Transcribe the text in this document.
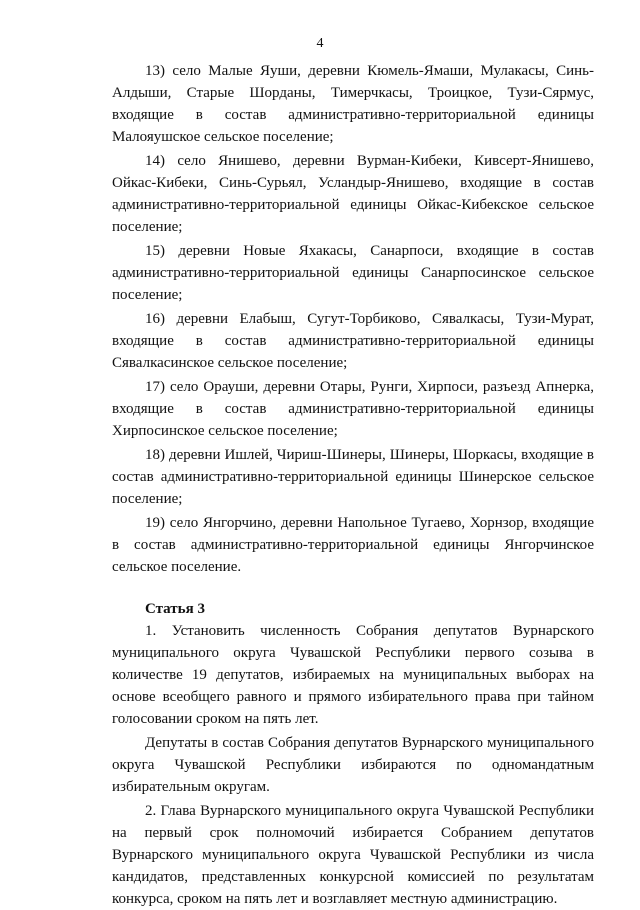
4

13) село Малые Яуши, деревни Кюмель-Ямаши, Мулакасы, Синь-Алдыши, Старые Шорданы, Тимерчкасы, Троицкое, Тузи-Сярмус, входящие в состав административно-территориальной единицы Малояушское сельское поселение;

14) село Янишево, деревни Вурман-Кибеки, Кивсерт-Янишево, Ойкас-Кибеки, Синь-Сурьял, Усландыр-Янишево, входящие в состав административно-территориальной единицы Ойкас-Кибекское сельское поселение;

15) деревни Новые Яхакасы, Санарпоси, входящие в состав административно-территориальной единицы Санарпосинское сельское поселение;

16) деревни Елабыш, Сугут-Торбиково, Сявалкасы, Тузи-Мурат, входящие в состав административно-территориальной единицы Сявалкасинское сельское поселение;

17) село Орауши, деревни Отары, Рунги, Хирпоси, разъезд Апнерка, входящие в состав административно-территориальной единицы Хирпосинское сельское поселение;

18) деревни Ишлей, Чириш-Шинеры, Шинеры, Шоркасы, входящие в состав административно-территориальной единицы Шинерское сельское поселение;

19) село Янгорчино, деревни Напольное Тугаево, Хорнзор, входящие в состав административно-территориальной единицы Янгорчинское сельское поселение.

Статья 3

1. Установить численность Собрания депутатов Вурнарского муниципального округа Чувашской Республики первого созыва в количестве 19 депутатов, избираемых на муниципальных выборах на основе всеобщего равного и прямого избирательного права при тайном голосовании сроком на пять лет.

Депутаты в состав Собрания депутатов Вурнарского муниципального округа Чувашской Республики избираются по одномандатным избирательным округам.

2. Глава Вурнарского муниципального округа Чувашской Республики на первый срок полномочий избирается Собранием депутатов Вурнарского муниципального округа Чувашской Республики из числа кандидатов, представленных конкурсной комиссией по результатам конкурса, сроком на пять лет и возглавляет местную администрацию.
